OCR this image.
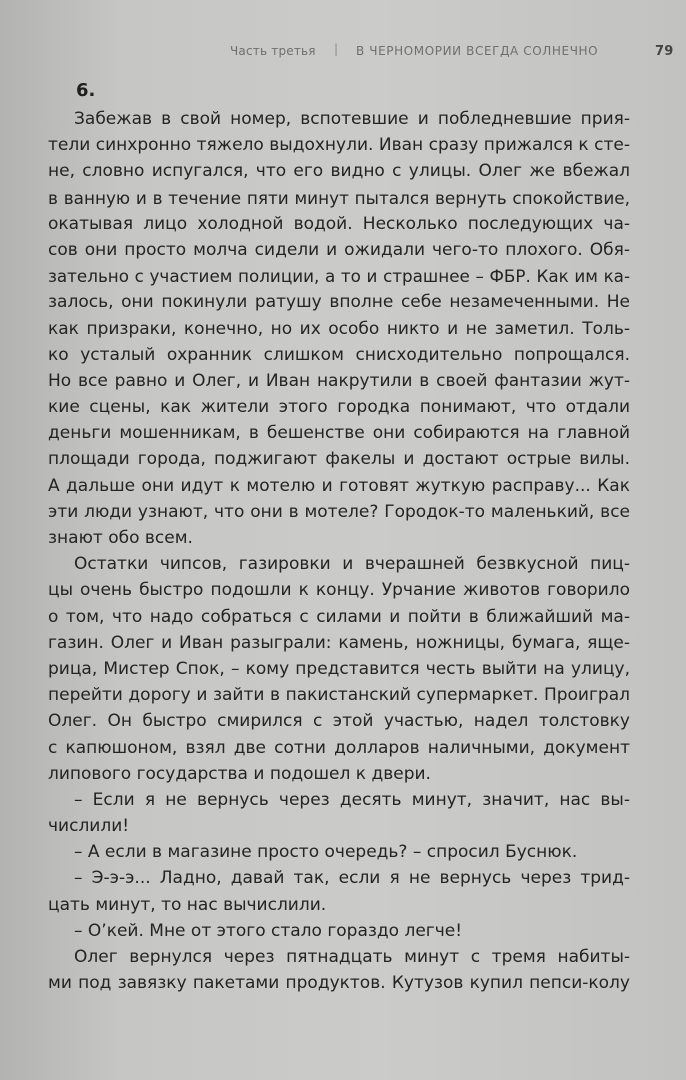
Часть третья | В ЧЕРНОМОРИИ ВСЕГДА СОЛНЕЧНО	79
6.
Забежав в свой номер, вспотевшие и побледневшие прия-
тели синхронно тяжело выдохнули. Иван сразу прижался к сте-
не, словно испугался, что его видно с улицы. Олег же вбежал
в ванную и в течение пяти минут пытался вернуть спокойствие,
окатывая лицо холодной водой. Несколько последующих ча-
сов они просто молча сидели и ожидали чего-то плохого. Обя-
зательно с участием полиции, а то и страшнее – ФБР. Как им ка-
залось, они покинули ратушу вполне себе незамеченными. Не
как призраки, конечно, но их особо никто и не заметил. Толь-
ко усталый охранник слишком снисходительно попрощался.
Но все равно и Олег, и Иван накрутили в своей фантазии жут-
кие сцены, как жители этого городка понимают, что отдали
деньги мошенникам, в бешенстве они собираются на главной
площади города, поджигают факелы и достают острые вилы.
А дальше они идут к мотелю и готовят жуткую расправу... Как
эти люди узнают, что они в мотеле? Городок-то маленький, все
знают обо всем.
Остатки чипсов, газировки и вчерашней безвкусной пиц-
цы очень быстро подошли к концу. Урчание животов говорило
о том, что надо собраться с силами и пойти в ближайший ма-
газин. Олег и Иван разыграли: камень, ножницы, бумага, яще-
рица, Мистер Спок, – кому представится честь выйти на улицу,
перейти дорогу и зайти в пакистанский супермаркет. Проиграл
Олег. Он быстро смирился с этой участью, надел толстовку
с капюшоном, взял две сотни долларов наличными, документ
липового государства и подошел к двери.
– Если я не вернусь через десять минут, значит, нас вы-
числили!
– А если в магазине просто очередь? – спросил Буснюк.
– Э-э-э... Ладно, давай так, если я не вернусь через трид-
цать минут, то нас вычислили.
– О’кей. Мне от этого стало гораздо легче!
Олег вернулся через пятнадцать минут с тремя набиты-
ми под завязку пакетами продуктов. Кутузов купил пепси-колу
